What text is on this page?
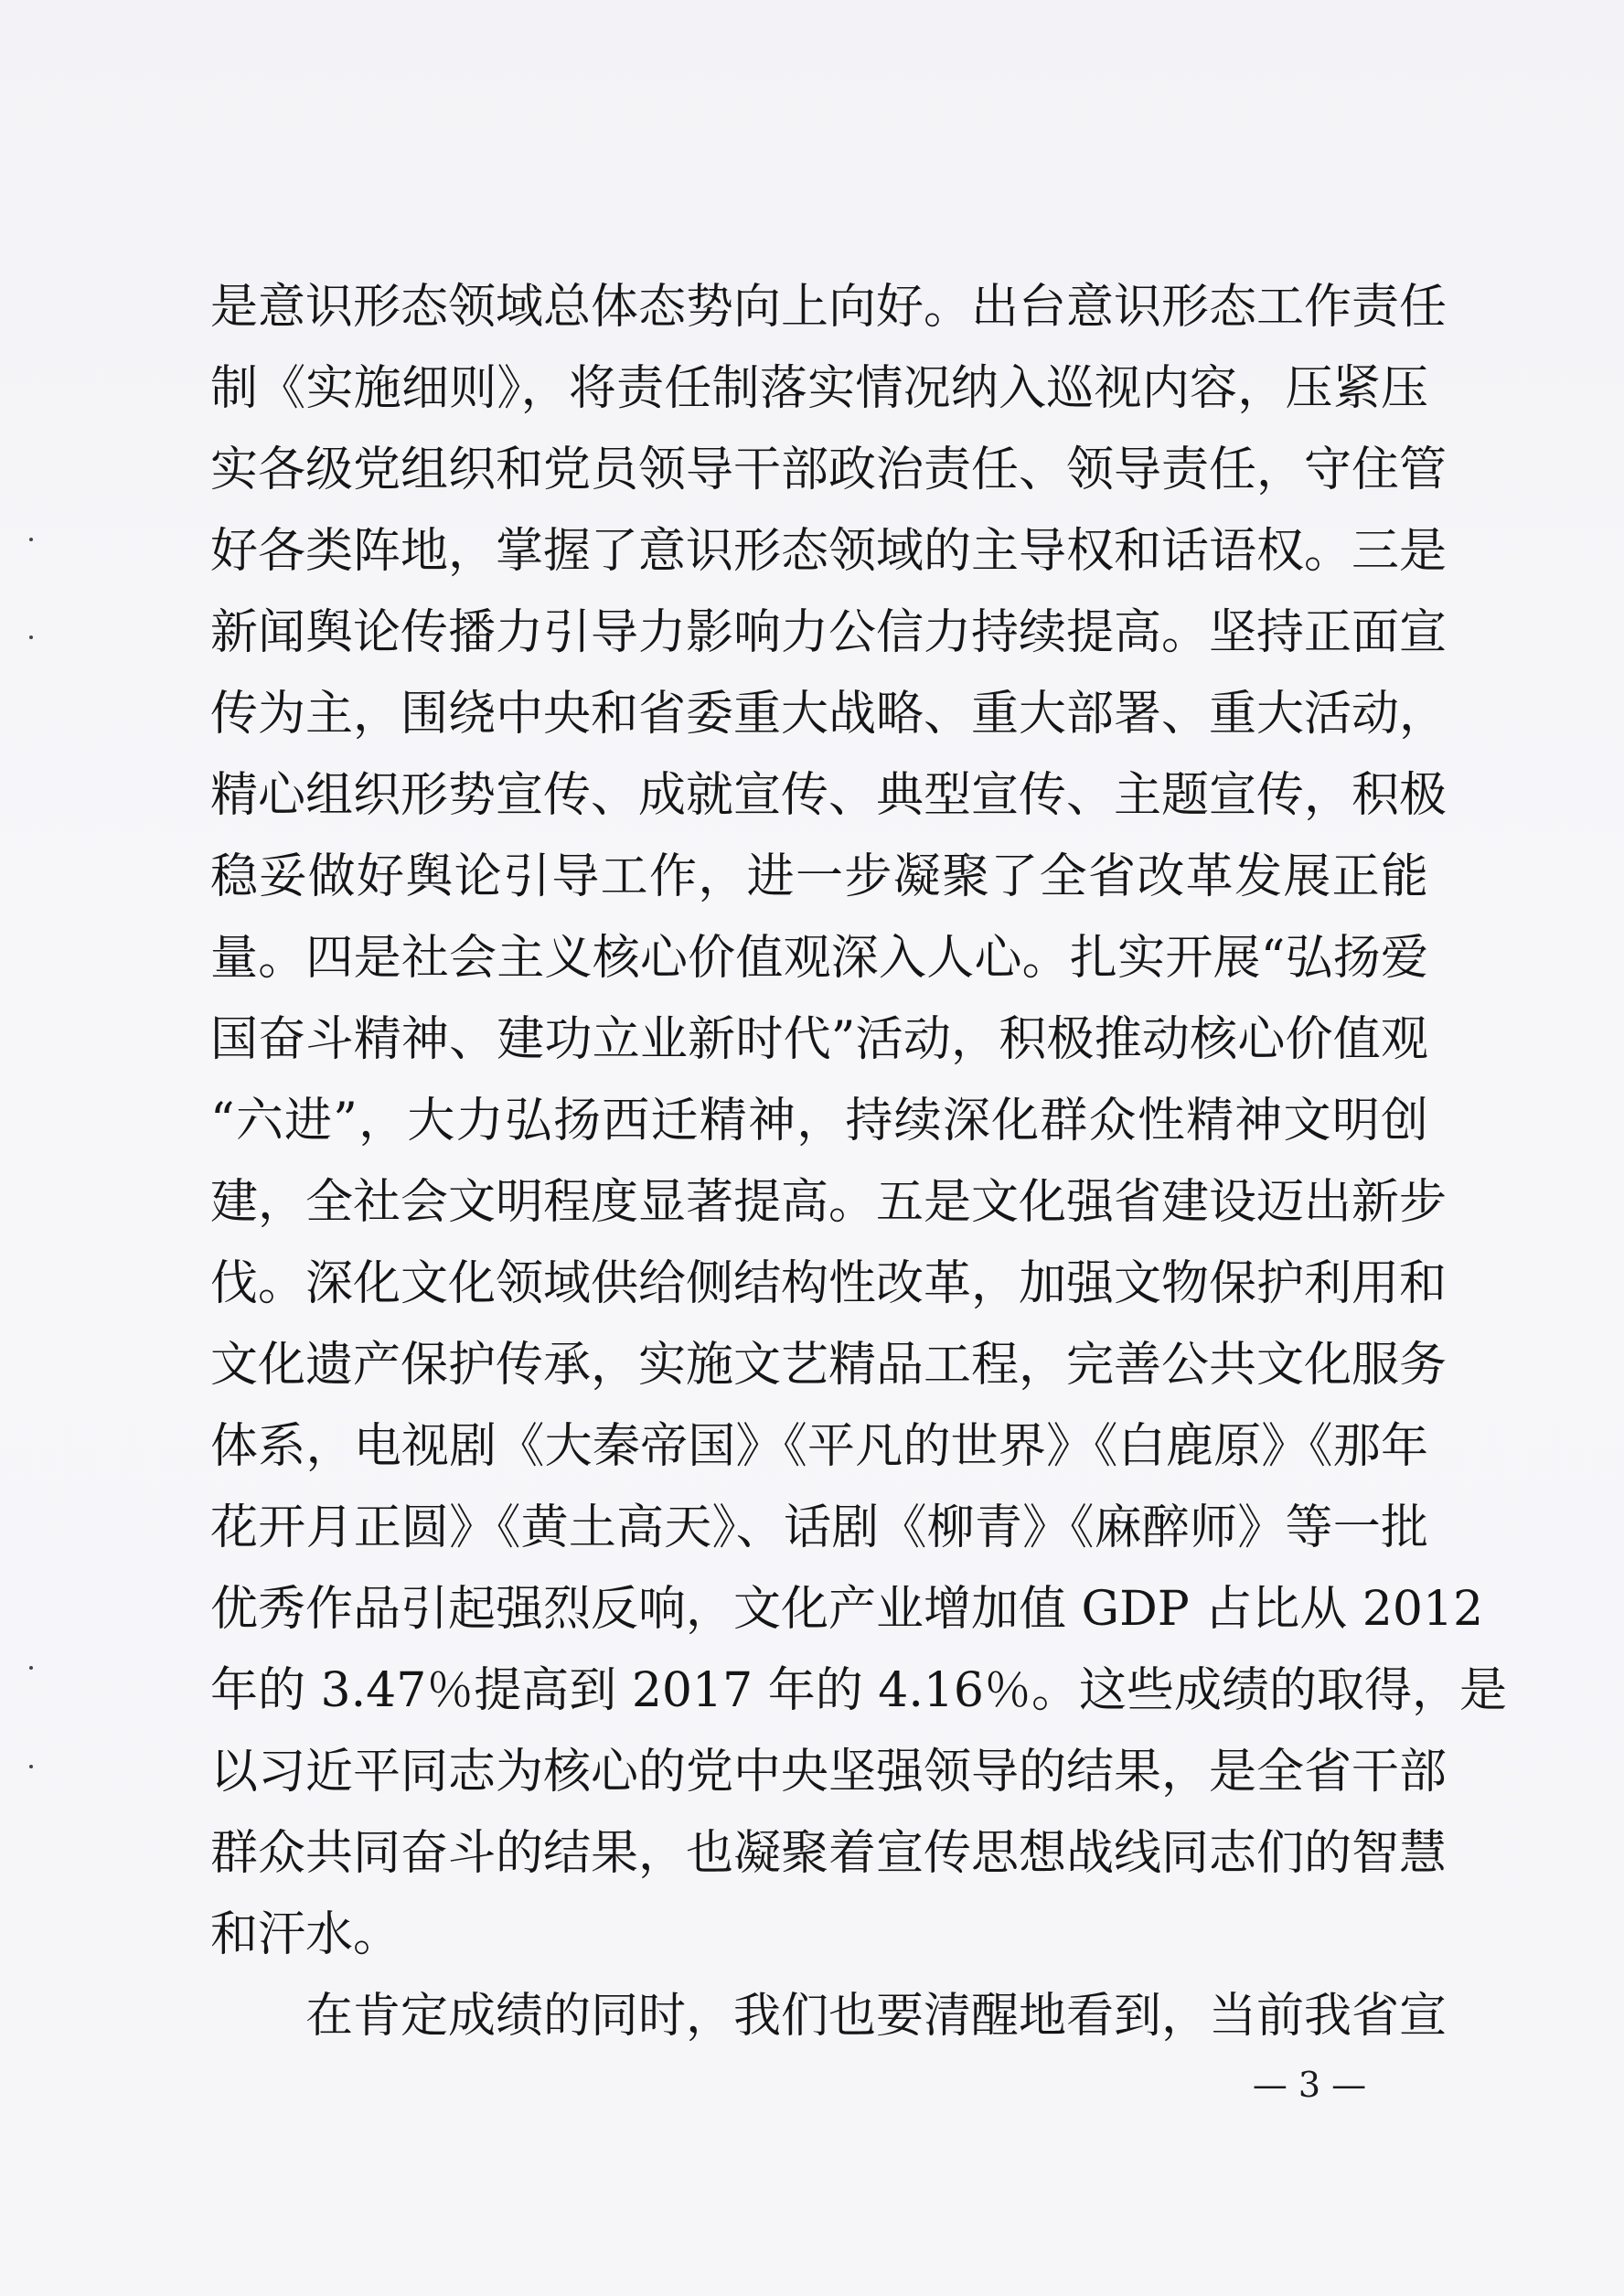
是意识形态领域总体态势向上向好。出台意识形态工作责任
制《实施细则》，将责任制落实情况纳入巡视内容，压紧压
实各级党组织和党员领导干部政治责任、领导责任，守住管
好各类阵地，掌握了意识形态领域的主导权和话语权。三是
新闻舆论传播力引导力影响力公信力持续提高。坚持正面宣
传为主，围绕中央和省委重大战略、重大部署、重大活动，
精心组织形势宣传、成就宣传、典型宣传、主题宣传，积极
稳妥做好舆论引导工作，进一步凝聚了全省改革发展正能
量。四是社会主义核心价值观深入人心。扎实开展“弘扬爱
国奋斗精神、建功立业新时代”活动，积极推动核心价值观
“六进”，大力弘扬西迁精神，持续深化群众性精神文明创
建，全社会文明程度显著提高。五是文化强省建设迈出新步
伐。深化文化领域供给侧结构性改革，加强文物保护利用和
文化遗产保护传承，实施文艺精品工程，完善公共文化服务
体系，电视剧《大秦帝国》《平凡的世界》《白鹿原》《那年
花开月正圆》《黄土高天》、话剧《柳青》《麻醉师》等一批
优秀作品引起强烈反响，文化产业增加值 GDP 占比从 2012
年的 3.47％提高到 2017 年的 4.16％。这些成绩的取得，是
以习近平同志为核心的党中央坚强领导的结果，是全省干部
群众共同奋斗的结果，也凝聚着宣传思想战线同志们的智慧
和汗水。
在肯定成绩的同时，我们也要清醒地看到，当前我省宣
— 3 —
